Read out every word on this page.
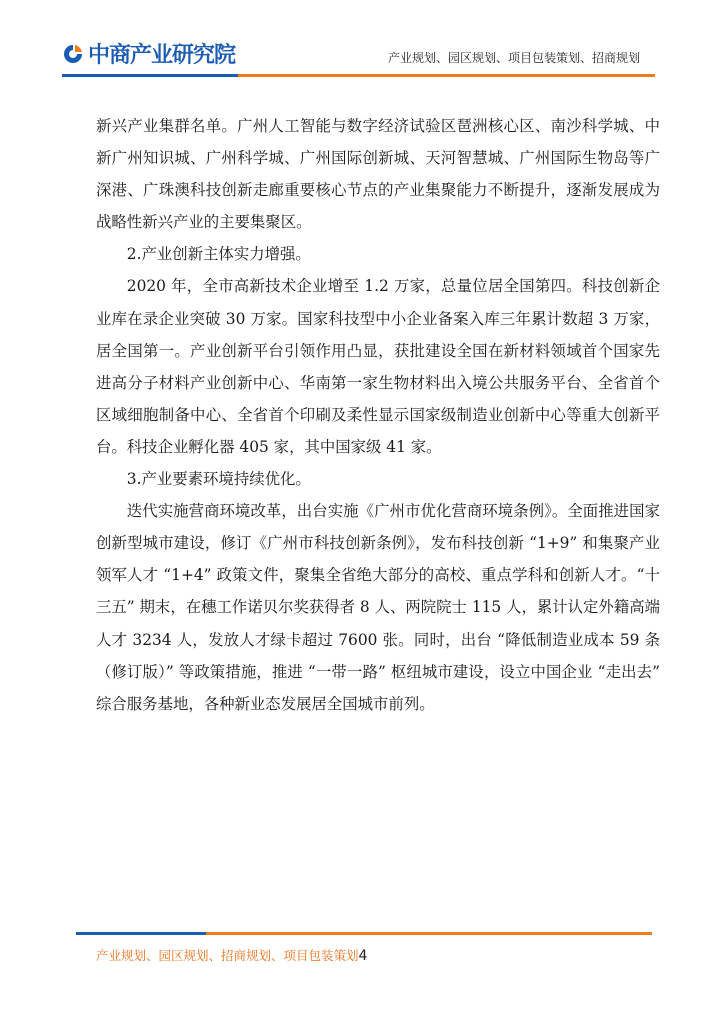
中商产业研究院	产业规划、园区规划、项目包装策划、招商规划

新兴产业集群名单。广州人工智能与数字经济试验区琶洲核心区、南沙科学城、中新广州知识城、广州科学城、广州国际创新城、天河智慧城、广州国际生物岛等广深港、广珠澳科技创新走廊重要核心节点的产业集聚能力不断提升，逐渐发展成为战略性新兴产业的主要集聚区。

2.产业创新主体实力增强。

2020 年，全市高新技术企业增至 1.2 万家，总量位居全国第四。科技创新企业库在录企业突破 30 万家。国家科技型中小企业备案入库三年累计数超 3 万家，居全国第一。产业创新平台引领作用凸显，获批建设全国在新材料领域首个国家先进高分子材料产业创新中心、华南第一家生物材料出入境公共服务平台、全省首个区域细胞制备中心、全省首个印刷及柔性显示国家级制造业创新中心等重大创新平台。科技企业孵化器 405 家，其中国家级 41 家。

3.产业要素环境持续优化。

迭代实施营商环境改革，出台实施《广州市优化营商环境条例》。全面推进国家创新型城市建设，修订《广州市科技创新条例》，发布科技创新 “1+9” 和集聚产业领军人才 “1+4” 政策文件，聚集全省绝大部分的高校、重点学科和创新人才。“十三五” 期末，在穗工作诺贝尔奖获得者 8 人、两院院士 115 人，累计认定外籍高端人才 3234 人，发放人才绿卡超过 7600 张。同时，出台 “降低制造业成本 59 条（修订版）” 等政策措施，推进 “一带一路” 枢纽城市建设，设立中国企业 “走出去” 综合服务基地，各种新业态发展居全国城市前列。

产业规划、园区规划、招商规划、项目包装策划4
